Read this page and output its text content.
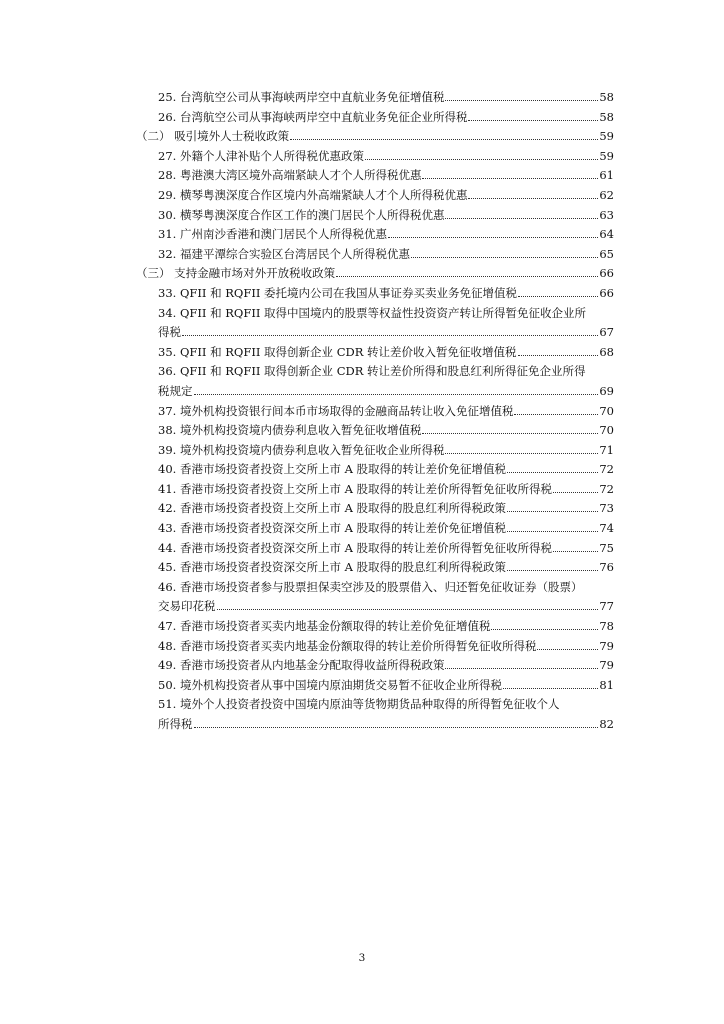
25. 台湾航空公司从事海峡两岸空中直航业务免征增值税	58
26. 台湾航空公司从事海峡两岸空中直航业务免征企业所得税	58
（二） 吸引境外人士税收政策	59
27. 外籍个人津补贴个人所得税优惠政策	59
28. 粤港澳大湾区境外高端紧缺人才个人所得税优惠	61
29. 横琴粤澳深度合作区境内外高端紧缺人才个人所得税优惠	62
30. 横琴粤澳深度合作区工作的澳门居民个人所得税优惠	63
31. 广州南沙香港和澳门居民个人所得税优惠	64
32. 福建平潭综合实验区台湾居民个人所得税优惠	65
（三） 支持金融市场对外开放税收政策	66
33. QFII 和 RQFII 委托境内公司在我国从事证券买卖业务免征增值税	66
34. QFII 和 RQFII 取得中国境内的股票等权益性投资资产转让所得暂免征收企业所
得税	67
35. QFII 和 RQFII 取得创新企业 CDR 转让差价收入暂免征收增值税	68
36. QFII 和 RQFII 取得创新企业 CDR 转让差价所得和股息红利所得征免企业所得
税规定	69
37. 境外机构投资银行间本币市场取得的金融商品转让收入免征增值税	70
38. 境外机构投资境内债券利息收入暂免征收增值税	70
39. 境外机构投资境内债券利息收入暂免征收企业所得税	71
40. 香港市场投资者投资上交所上市 A 股取得的转让差价免征增值税	72
41. 香港市场投资者投资上交所上市 A 股取得的转让差价所得暂免征收所得税	72
42. 香港市场投资者投资上交所上市 A 股取得的股息红利所得税政策	73
43. 香港市场投资者投资深交所上市 A 股取得的转让差价免征增值税	74
44. 香港市场投资者投资深交所上市 A 股取得的转让差价所得暂免征收所得税	75
45. 香港市场投资者投资深交所上市 A 股取得的股息红利所得税政策	76
46. 香港市场投资者参与股票担保卖空涉及的股票借入、归还暂免征收证券（股票）
交易印花税	77
47. 香港市场投资者买卖内地基金份额取得的转让差价免征增值税	78
48. 香港市场投资者买卖内地基金份额取得的转让差价所得暂免征收所得税	79
49. 香港市场投资者从内地基金分配取得收益所得税政策	79
50. 境外机构投资者从事中国境内原油期货交易暂不征收企业所得税	81
51. 境外个人投资者投资中国境内原油等货物期货品种取得的所得暂免征收个人
所得税	82
3
